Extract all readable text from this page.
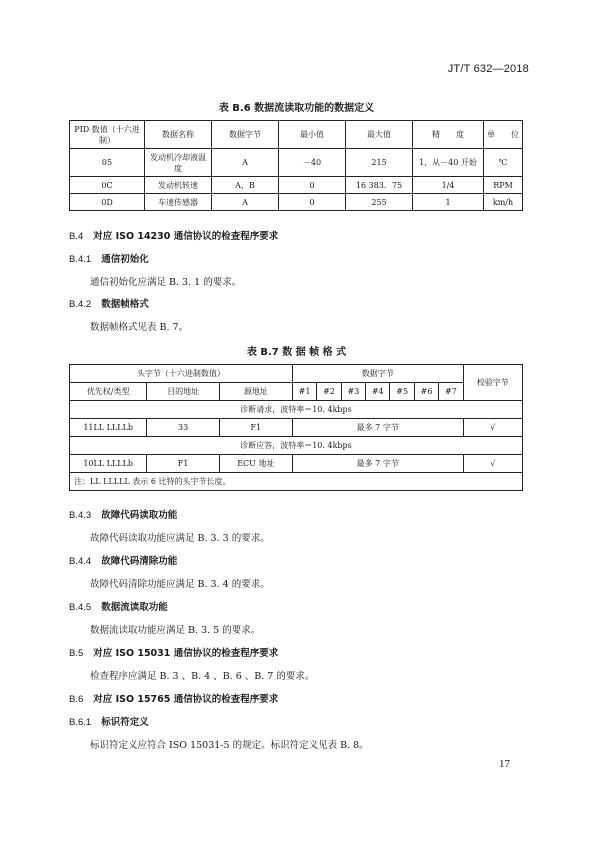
JT/T 632—2018
表 B.6 数据流读取功能的数据定义
PID 数值（十六进制）	数据名称	数据字节	最小值	最大值	精　　度	单　　位
05	发动机冷却液温度	A	－40	215	1，从－40 开始	℃
0C	发动机转速	A，B	0	16 383．75	1/4	RPM
0D	车速传感器	A	0	255	1	km/h
B.4 对应 ISO 14230 通信协议的检查程序要求
B.4.1 通信初始化
通信初始化应满足 B. 3. 1 的要求。
B.4.2 数据帧格式
数据帧格式见表 B. 7。
表 B.7 数 据 帧 格 式
头字节（十六进制数值）			数据字节							校验字节
优先权/类型	目的地址	源地址	#1	#2	#3	#4	#5	#6	#7	
诊断请求，波特率＝10. 4kbps										
11LL LLLLb	33	F1	最多 7 字节							√
诊断应答，波特率＝10. 4kbps										
10LL LLLLb	F1	ECU 地址	最多 7 字节							√
注：LL LLLLL 表示 6 比特的头字节长度。										
B.4.3 故障代码读取功能
故障代码读取功能应满足 B. 3. 3 的要求。
B.4.4 故障代码清除功能
故障代码清除功能应满足 B. 3. 4 的要求。
B.4.5 数据流读取功能
数据流读取功能应满足 B. 3. 5 的要求。
B.5 对应 ISO 15031 通信协议的检查程序要求
检查程序应满足 B. 3 、B. 4 、B. 6 、B. 7 的要求。
B.6 对应 ISO 15765 通信协议的检查程序要求
B.6.1 标识符定义
标识符定义应符合 ISO 15031-5 的规定。标识符定义见表 B. 8。
17
